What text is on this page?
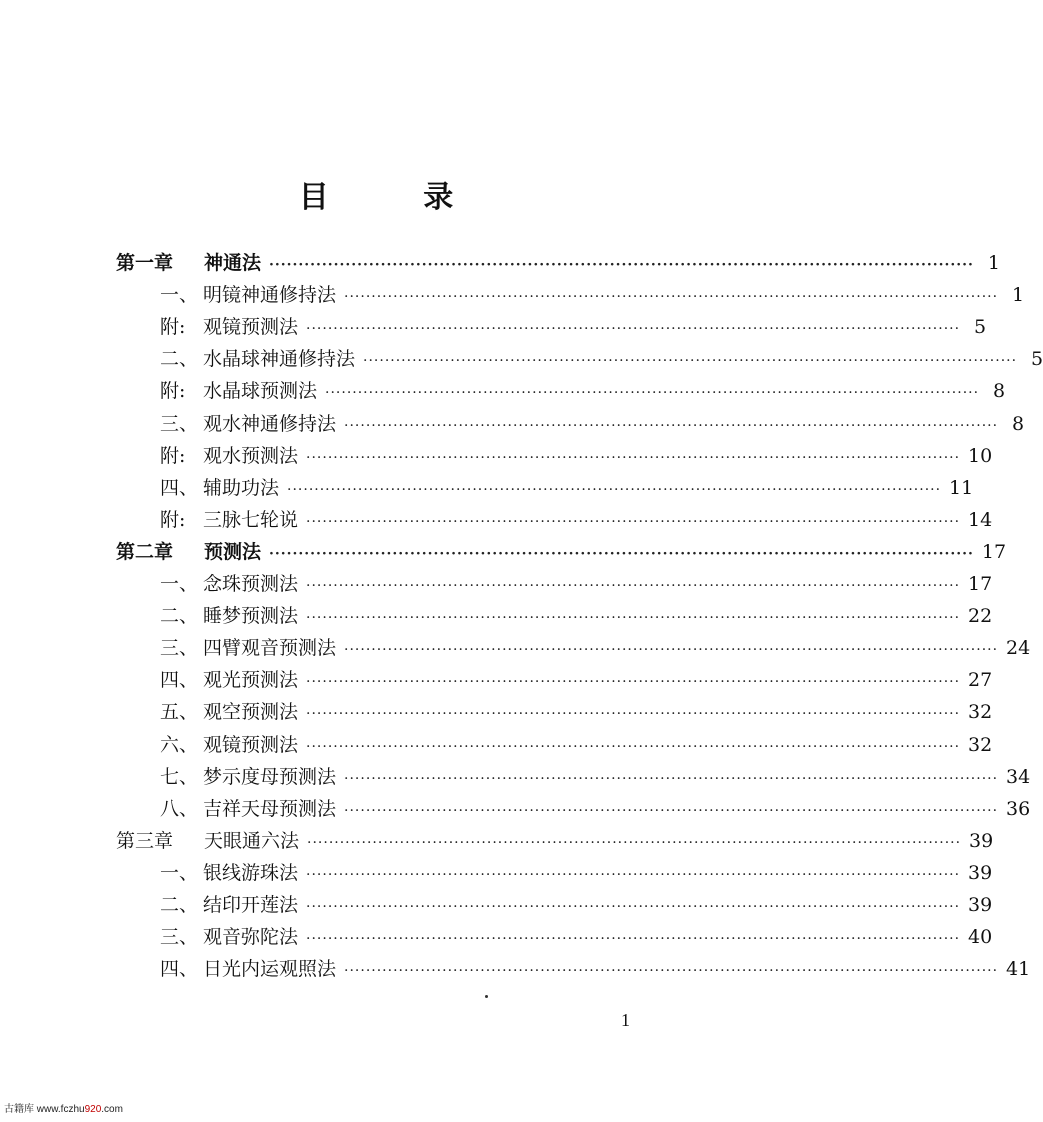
目 录
第一章	神通法 ························································································································ 1
一、 明镜神通修持法 ························································································································ 1
附: 观镜预测法 ························································································································ 5
二、 水晶球神通修持法 ························································································································ 5
附: 水晶球预测法 ························································································································ 8
三、 观水神通修持法 ························································································································ 8
附: 观水预测法 ························································································································ 10
四、 辅助功法 ························································································································ 11
附: 三脉七轮说 ························································································································ 14
第二章	预测法 ························································································································ 17
一、 念珠预测法 ························································································································ 17
二、 睡梦预测法 ························································································································ 22
三、 四臂观音预测法 ························································································································ 24
四、 观光预测法 ························································································································ 27
五、 观空预测法 ························································································································ 32
六、 观镜预测法 ························································································································ 32
七、 梦示度母预测法 ························································································································ 34
八、 吉祥天母预测法 ························································································································ 36
第三章	天眼通六法 ························································································································ 39
一、 银线游珠法 ························································································································ 39
二、 结印开莲法 ························································································································ 39
三、 观音弥陀法 ························································································································ 40
四、 日光内运观照法 ························································································································ 41
1
古籍库 www.fczhu920.com
